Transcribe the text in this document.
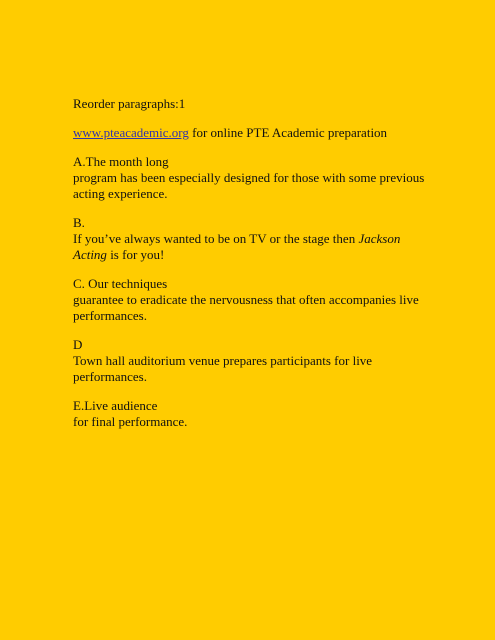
Reorder paragraphs:1

www.pteacademic.org for online PTE Academic preparation

A.The month long
program has been especially designed for those with some previous
acting experience.

B.
If you’ve always wanted to be on TV or the stage then Jackson
Acting is for you!

C. Our techniques
guarantee to eradicate the nervousness that often accompanies live
performances.

D
Town hall auditorium venue prepares participants for live
performances.

E.Live audience
for final performance.
